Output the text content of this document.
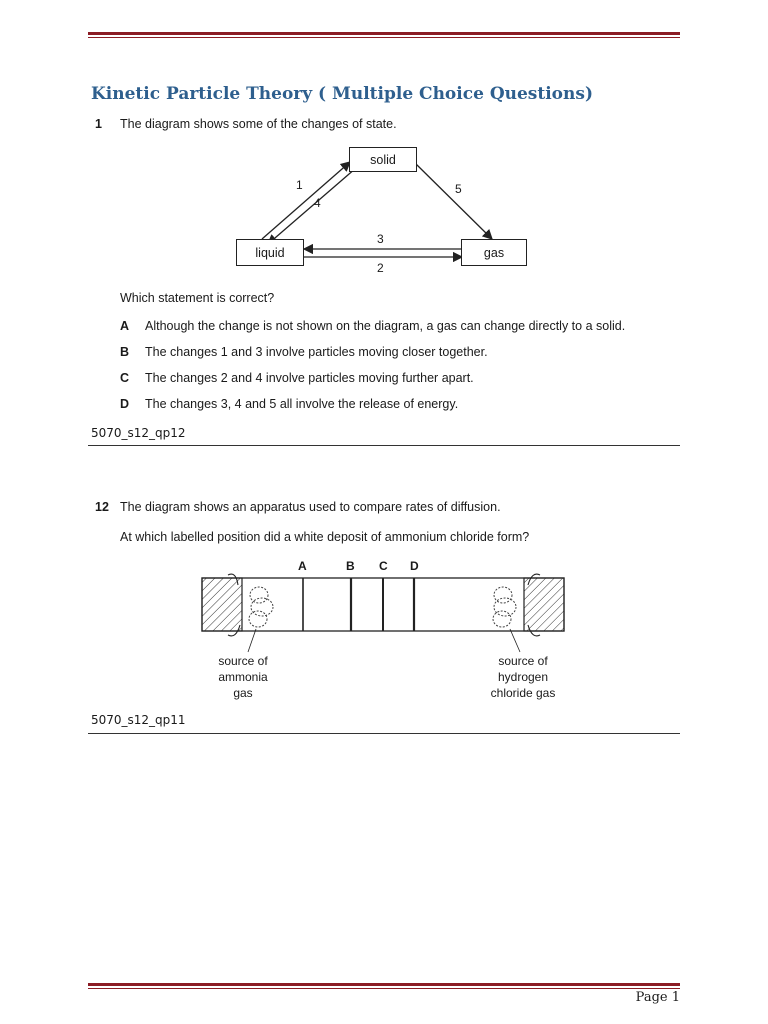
Kinetic Particle Theory ( Multiple Choice Questions)
1 The diagram shows some of the changes of state.
solid
liquid	gas
1
4
5
3
2
Which statement is correct?
A Although the change is not shown on the diagram, a gas can change directly to a solid.
B The changes 1 and 3 involve particles moving closer together.
C The changes 2 and 4 involve particles moving further apart.
D The changes 3, 4 and 5 all involve the release of energy.
5070_s12_qp12
12 The diagram shows an apparatus used to compare rates of diffusion.
At which labelled position did a white deposit of ammonium chloride form?
A	B C D
source of
ammonia
gas
source of
hydrogen
chloride gas
5070_s12_qp11
Page 1
